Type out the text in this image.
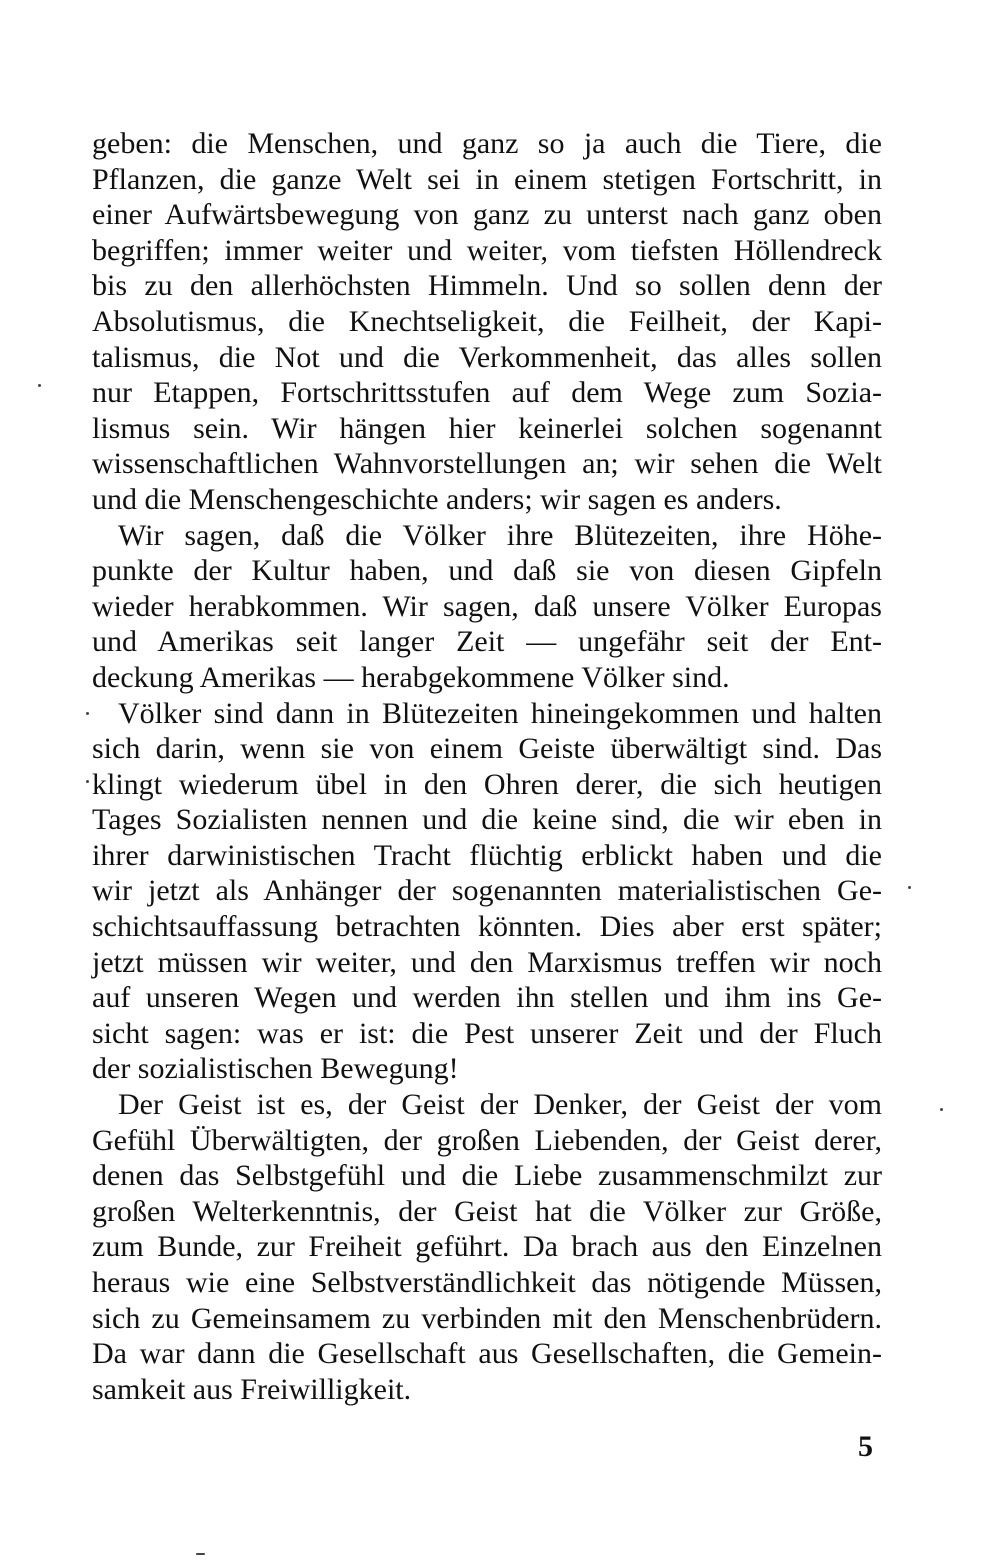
geben: die Menschen, und ganz so ja auch die Tiere, die
Pflanzen, die ganze Welt sei in einem stetigen Fortschritt, in
einer Aufwärtsbewegung von ganz zu unterst nach ganz oben
begriffen; immer weiter und weiter, vom tiefsten Höllendreck
bis zu den allerhöchsten Himmeln. Und so sollen denn der
Absolutismus, die Knechtseligkeit, die Feilheit, der Kapi-
talismus, die Not und die Verkommenheit, das alles sollen
nur Etappen, Fortschrittsstufen auf dem Wege zum Sozia-
lismus sein. Wir hängen hier keinerlei solchen sogenannt
wissenschaftlichen Wahnvorstellungen an; wir sehen die Welt
und die Menschengeschichte anders; wir sagen es anders.
Wir sagen, daß die Völker ihre Blütezeiten, ihre Höhe-
punkte der Kultur haben, und daß sie von diesen Gipfeln
wieder herabkommen. Wir sagen, daß unsere Völker Europas
und Amerikas seit langer Zeit — ungefähr seit der Ent-
deckung Amerikas — herabgekommene Völker sind.
Völker sind dann in Blütezeiten hineingekommen und halten
sich darin, wenn sie von einem Geiste überwältigt sind. Das
klingt wiederum übel in den Ohren derer, die sich heutigen
Tages Sozialisten nennen und die keine sind, die wir eben in
ihrer darwinistischen Tracht flüchtig erblickt haben und die
wir jetzt als Anhänger der sogenannten materialistischen Ge-
schichtsauffassung betrachten könnten. Dies aber erst später;
jetzt müssen wir weiter, und den Marxismus treffen wir noch
auf unseren Wegen und werden ihn stellen und ihm ins Ge-
sicht sagen: was er ist: die Pest unserer Zeit und der Fluch
der sozialistischen Bewegung!
Der Geist ist es, der Geist der Denker, der Geist der vom
Gefühl Überwältigten, der großen Liebenden, der Geist derer,
denen das Selbstgefühl und die Liebe zusammenschmilzt zur
großen Welterkenntnis, der Geist hat die Völker zur Größe,
zum Bunde, zur Freiheit geführt. Da brach aus den Einzelnen
heraus wie eine Selbstverständlichkeit das nötigende Müssen,
sich zu Gemeinsamem zu verbinden mit den Menschenbrüdern.
Da war dann die Gesellschaft aus Gesellschaften, die Gemein-
samkeit aus Freiwilligkeit.
5
